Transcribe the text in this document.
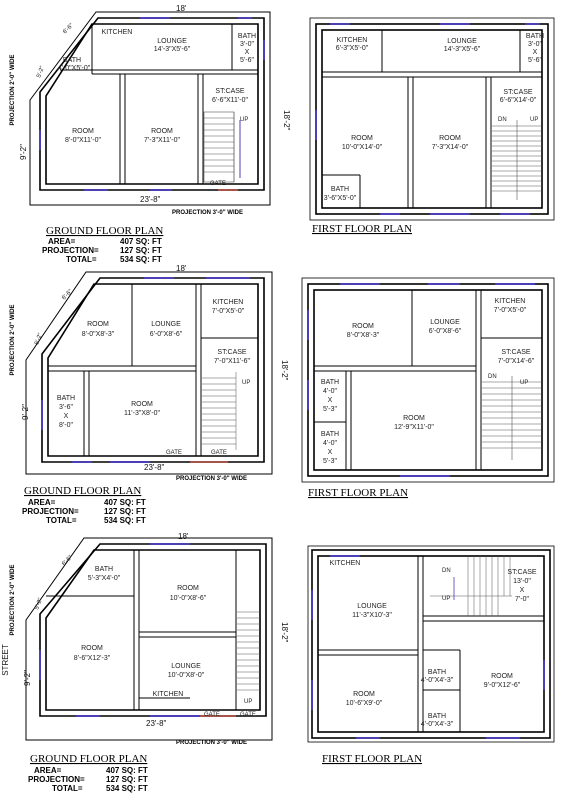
KITCHEN
LOUNGE
14'-3"X5'-6"
BATH
3'-0"
X
5'-6"
BATH
4'-0"X5'-0"
ROOM
8'-0"X11'-0"
ROOM
7'-3"X11'-0"
ST:CASE
6'-6"X11'-0"
UP
GATE
18'
23'-8"
18'-2"
9'-2"
6'-6"
5'-2"
PROJECTION 2'-0" WIDE
PROJECTION 3'-0" WIDE
GROUND FLOOR PLAN
AREA=	407 SQ: FT
PROJECTION=	127 SQ: FT
TOTAL=	534 SQ: FT
KITCHEN
6'-3"X5'-0"
LOUNGE
14'-3"X5'-6"
BATH
3'-0"
X
5'-6"
ST:CASE
6'-6"X14'-0"
ROOM
10'-0"X14'-0"
ROOM
7'-3"X14'-0"
BATH
3'-6"X5'-0"
DN	UP
FIRST FLOOR PLAN
ROOM
8'-0"X8'-3"
LOUNGE
6'-0"X8'-6"
KITCHEN
7'-0"X5'-0"
ST:CASE
7'-0"X11'-6"
BATH
3'-6"
X
8'-0"
ROOM
11'-3"X8'-0"
UP
GATE	GATE
18'
23'-8"
18'-2"
9'-2"
6'-6"
5'-2"
PROJECTION 2'-0" WIDE
PROJECTION 3'-0" WIDE
GROUND FLOOR PLAN
AREA=	407 SQ: FT
PROJECTION=	127 SQ: FT
TOTAL=	534 SQ: FT
ROOM
8'-0"X8'-3"
LOUNGE
6'-0"X8'-6"
KITCHEN
7'-0"X5'-0"
ST:CASE
7'-0"X14'-6"
BATH
4'-0"
X
5'-3"
BATH
4'-0"
X
5'-3"
ROOM
12'-9"X11'-0"
DN
UP
FIRST FLOOR PLAN
BATH
5'-3"X4'-0"
ROOM
10'-0"X8'-6"
ROOM
8'-6"X12'-3"
LOUNGE
10'-0"X8'-0"
KITCHEN
UP
GATE	GATE
18'
23'-8"
18'-2"
9'-2"
6'-6"
5'-2"
PROJECTION 2'-0" WIDE
STREET
PROJECTION 3'-0" WIDE
GROUND FLOOR PLAN
AREA=	407 SQ: FT
PROJECTION=	127 SQ: FT
TOTAL=	534 SQ: FT
KITCHEN
ST:CASE
13'-0"
X
7'-0"
DN
UP
LOUNGE
11'-3"X10'-3"
BATH
4'-0"X4'-3"
ROOM
9'-0"X12'-6"
ROOM
10'-6"X9'-0"
BATH
4'-0"X4'-3"
FIRST FLOOR PLAN
